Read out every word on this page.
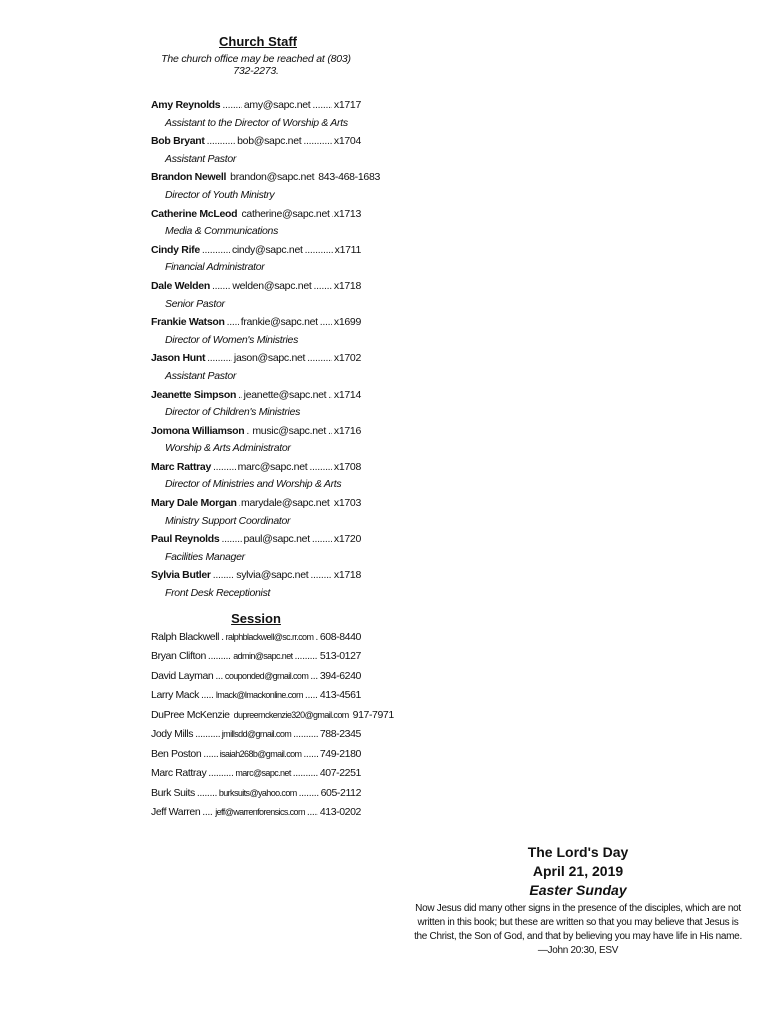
Church Staff
The church office may be reached at (803) 732-2273.
Amy Reynolds ..... amy@sapc.net ..... x1717
Assistant to the Director of Worship & Arts
Bob Bryant .....	bob@sapc.net .....	x1704
Assistant Pastor
Brandon Newell brandon@sapc.net 843-468-1683
Director of Youth Ministry
Catherine McLeod ..... catherine@sapc.net ..... x1713
Media & Communications
Cindy Rife .....	cindy@sapc.net .....	x1711
Financial Administrator
Dale Welden ..... welden@sapc.net ..... x1718
Senior Pastor
Frankie Watson ..... frankie@sapc.net ..... x1699
Director of Women's Ministries
Jason Hunt .....	jason@sapc.net .....	x1702
Assistant Pastor
Jeanette Simpson ..... jeanette@sapc.net ..... x1714
Director of Children's Ministries
Jomona Williamson ..... music@sapc.net ..... x1716
Worship & Arts Administrator
Marc Rattray .....	marc@sapc.net .....	x1708
Director of Ministries and Worship & Arts
Mary Dale Morgan ..... marydale@sapc.net ..... x1703
Ministry Support Coordinator
Paul Reynolds ..... paul@sapc.net ..... x1720
Facilities Manager
Sylvia Butler ..... sylvia@sapc.net ..... x1718
Front Desk Receptionist
Session
Ralph Blackwell ..... ralphblackwell@sc.rr.com ..... 608-8440
Bryan Clifton .....	admin@sapc.net .....	513-0127
David Layman ..... couponded@gmail.com ..... 394-6240
Larry Mack ..... lmack@lmackonline.com ..... 413-4561
DuPree McKenzie dupreemckenzie320@gmail.com 917-7971
Jody Mills .....	jmillsdd@gmail.com .....	788-2345
Ben Poston ..... isaiah268b@gmail.com ..... 749-2180
Marc Rattray .....	marc@sapc.net .....	407-2251
Burk Suits .....	burksuits@yahoo.com ..... 605-2112
Jeff Warren ..... jeff@warrenforensics.com ..... 413-0202
The Lord's Day
April 21, 2019
Easter Sunday
Now Jesus did many other signs in the presence of the disciples, which are not written in this book; but these are written so that you may believe that Jesus is the Christ, the Son of God, and that by believing you may have life in His name. —John 20:30, ESV
